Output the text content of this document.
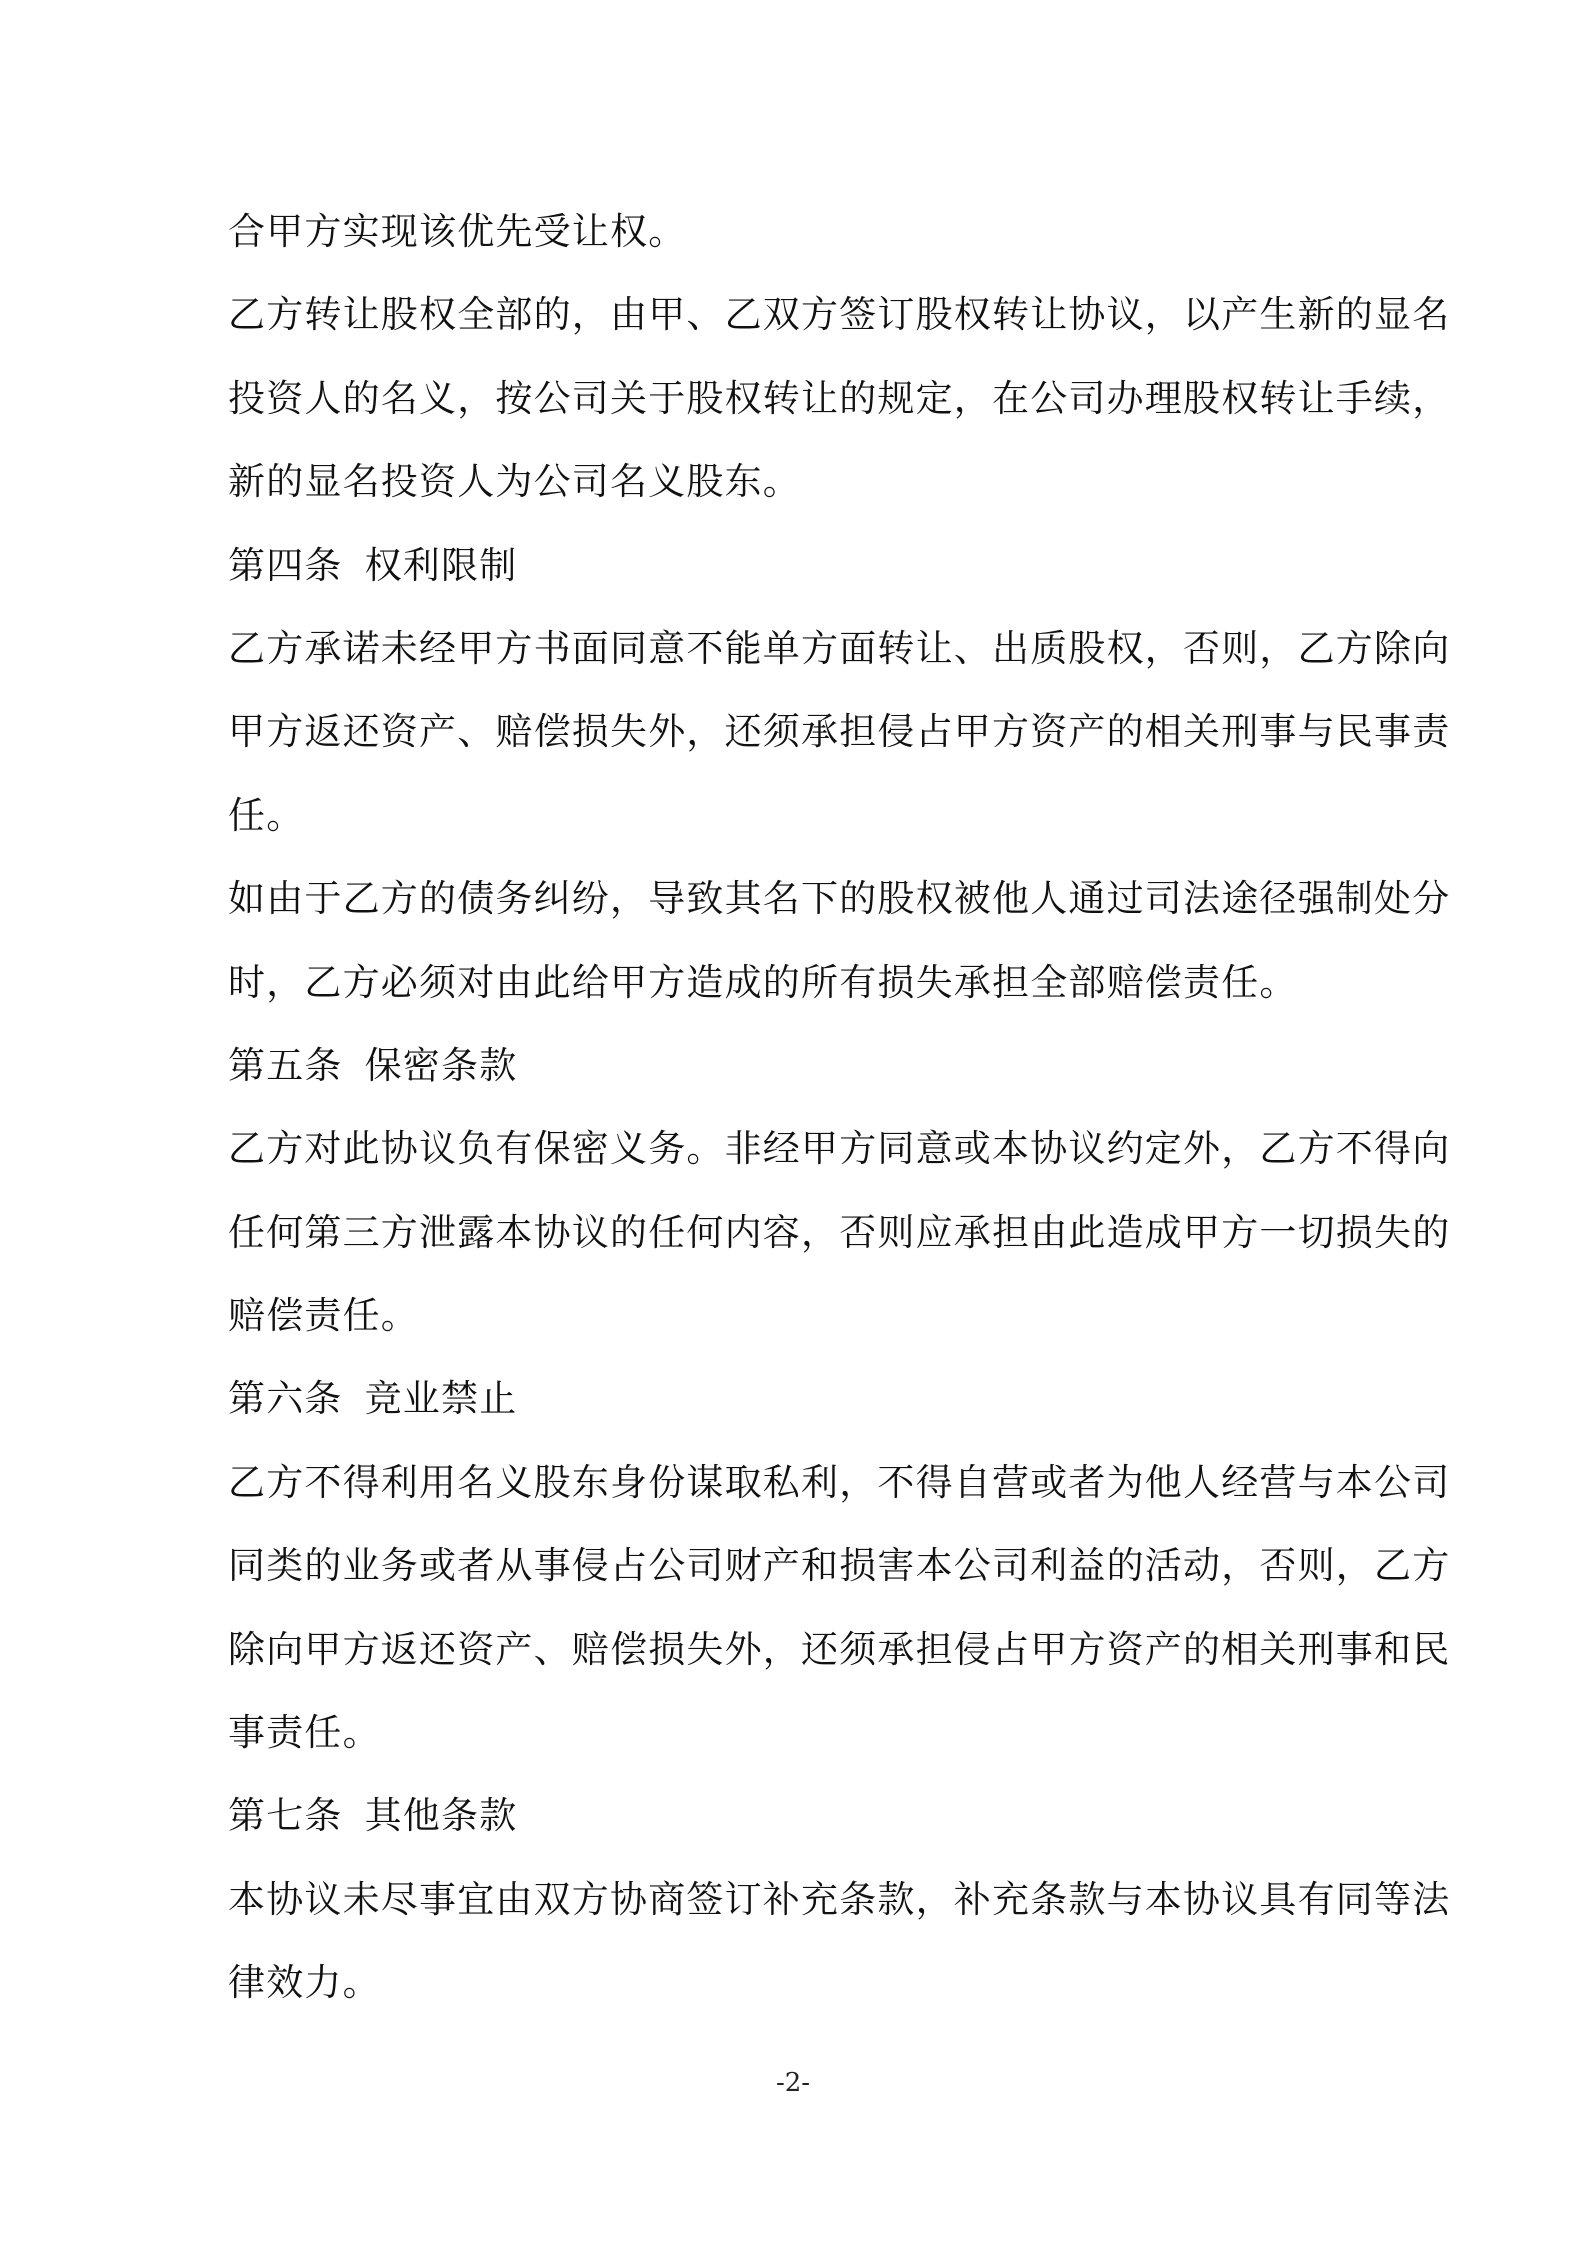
合甲方实现该优先受让权。
乙方转让股权全部的，由甲、乙双方签订股权转让协议，以产生新的显名
投资人的名义，按公司关于股权转让的规定，在公司办理股权转让手续，
新的显名投资人为公司名义股东。
第四条 权利限制
乙方承诺未经甲方书面同意不能单方面转让、出质股权，否则，乙方除向
甲方返还资产、赔偿损失外，还须承担侵占甲方资产的相关刑事与民事责
任。
如由于乙方的债务纠纷，导致其名下的股权被他人通过司法途径强制处分
时，乙方必须对由此给甲方造成的所有损失承担全部赔偿责任。
第五条 保密条款
乙方对此协议负有保密义务。非经甲方同意或本协议约定外，乙方不得向
任何第三方泄露本协议的任何内容，否则应承担由此造成甲方一切损失的
赔偿责任。
第六条 竞业禁止
乙方不得利用名义股东身份谋取私利，不得自营或者为他人经营与本公司
同类的业务或者从事侵占公司财产和损害本公司利益的活动，否则，乙方
除向甲方返还资产、赔偿损失外，还须承担侵占甲方资产的相关刑事和民
事责任。
第七条 其他条款
本协议未尽事宜由双方协商签订补充条款，补充条款与本协议具有同等法
律效力。
-2-
